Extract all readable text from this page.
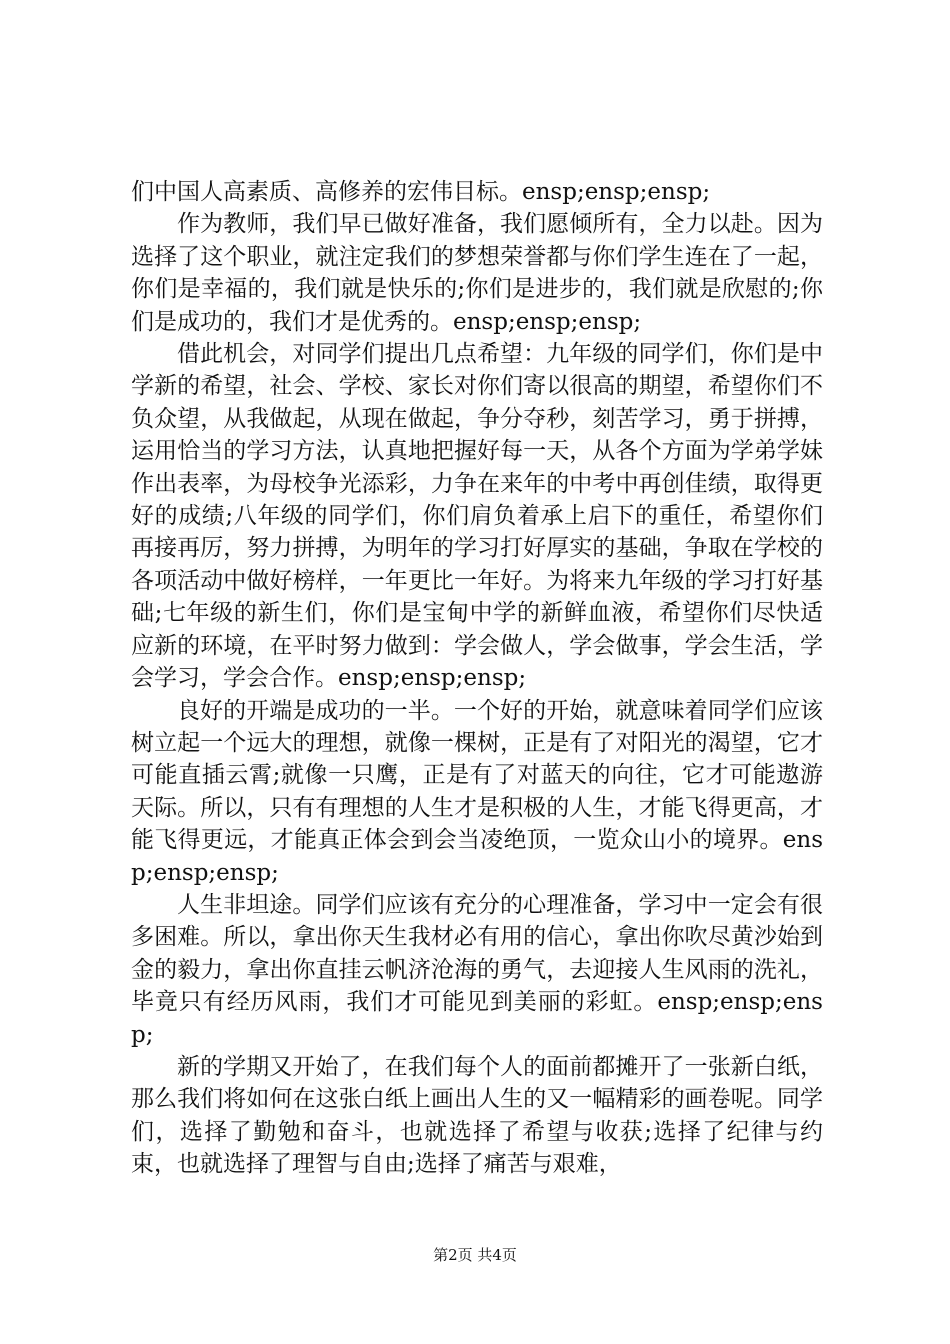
们中国人高素质、高修养的宏伟目标。ensp;ensp;ensp;

作为教师，我们早已做好准备，我们愿倾所有，全力以赴。因为选择了这个职业，就注定我们的梦想荣誉都与你们学生连在了一起，你们是幸福的，我们就是快乐的;你们是进步的，我们就是欣慰的;你们是成功的，我们才是优秀的。ensp;ensp;ensp;

借此机会，对同学们提出几点希望：九年级的同学们，你们是中学新的希望，社会、学校、家长对你们寄以很高的期望，希望你们不负众望，从我做起，从现在做起，争分夺秒，刻苦学习，勇于拼搏，运用恰当的学习方法，认真地把握好每一天，从各个方面为学弟学妹作出表率，为母校争光添彩，力争在来年的中考中再创佳绩，取得更好的成绩;八年级的同学们，你们肩负着承上启下的重任，希望你们再接再厉，努力拼搏，为明年的学习打好厚实的基础，争取在学校的各项活动中做好榜样，一年更比一年好。为将来九年级的学习打好基础;七年级的新生们，你们是宝甸中学的新鲜血液，希望你们尽快适应新的环境，在平时努力做到：学会做人，学会做事，学会生活，学会学习，学会合作。ensp;ensp;ensp;

良好的开端是成功的一半。一个好的开始，就意味着同学们应该树立起一个远大的理想，就像一棵树，正是有了对阳光的渴望，它才可能直插云霄;就像一只鹰，正是有了对蓝天的向往，它才可能遨游天际。所以，只有有理想的人生才是积极的人生，才能飞得更高，才能飞得更远，才能真正体会到会当凌绝顶，一览众山小的境界。ensp;ensp;ensp;

人生非坦途。同学们应该有充分的心理准备，学习中一定会有很多困难。所以，拿出你天生我材必有用的信心，拿出你吹尽黄沙始到金的毅力，拿出你直挂云帆济沧海的勇气，去迎接人生风雨的洗礼，毕竟只有经历风雨，我们才可能见到美丽的彩虹。ensp;ensp;ensp;

新的学期又开始了，在我们每个人的面前都摊开了一张新白纸，那么我们将如何在这张白纸上画出人生的又一幅精彩的画卷呢。同学们，选择了勤勉和奋斗，也就选择了希望与收获;选择了纪律与约束，也就选择了理智与自由;选择了痛苦与艰难，

第2页 共4页
